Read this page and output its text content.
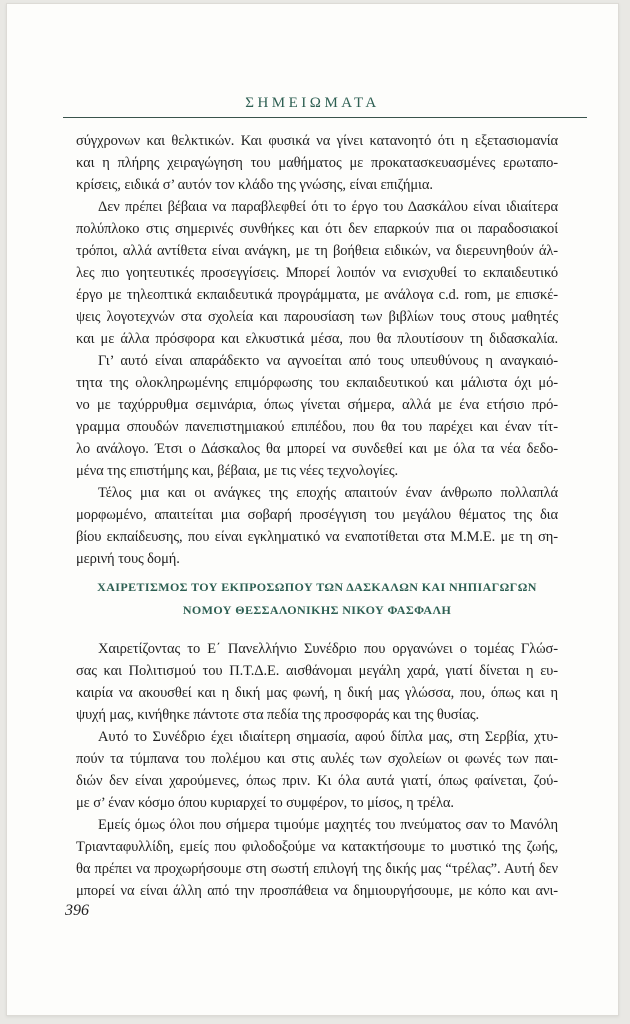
ΣΗΜΕΙΩΜΑΤΑ

σύγχρονων και θελκτικών. Και φυσικά να γίνει κατανοητό ότι η εξετασιομανία
και η πλήρης χειραγώγηση του μαθήματος με προκατασκευασμένες ερωταπο-
κρίσεις, ειδικά σ’ αυτόν τον κλάδο της γνώσης, είναι επιζήμια.

Δεν πρέπει βέβαια να παραβλεφθεί ότι το έργο του Δασκάλου είναι ιδιαίτερα
πολύπλοκο στις σημερινές συνθήκες και ότι δεν επαρκούν πια οι παραδοσιακοί
τρόποι, αλλά αντίθετα είναι ανάγκη, με τη βοήθεια ειδικών, να διερευνηθούν άλ-
λες πιο γοητευτικές προσεγγίσεις. Μπορεί λοιπόν να ενισχυθεί το εκπαιδευτικό
έργο με τηλεοπτικά εκπαιδευτικά προγράμματα, με ανάλογα c.d. rom, με επισκέ-
ψεις λογοτεχνών στα σχολεία και παρουσίαση των βιβλίων τους στους μαθητές
και με άλλα πρόσφορα και ελκυστικά μέσα, που θα πλουτίσουν τη διδασκαλία.

Γι’ αυτό είναι απαράδεκτο να αγνοείται από τους υπευθύνους η αναγκαιό-
τητα της ολοκληρωμένης επιμόρφωσης του εκπαιδευτικού και μάλιστα όχι μό-
νο με ταχύρρυθμα σεμινάρια, όπως γίνεται σήμερα, αλλά με ένα ετήσιο πρό-
γραμμα σπουδών πανεπιστημιακού επιπέδου, που θα του παρέχει και έναν τίτ-
λο ανάλογο. Έτσι ο Δάσκαλος θα μπορεί να συνδεθεί και με όλα τα νέα δεδο-
μένα της επιστήμης και, βέβαια, με τις νέες τεχνολογίες.

Τέλος μια και οι ανάγκες της εποχής απαιτούν έναν άνθρωπο πολλαπλά
μορφωμένο, απαιτείται μια σοβαρή προσέγγιση του μεγάλου θέματος της δια
βίου εκπαίδευσης, που είναι εγκληματικό να εναποτίθεται στα Μ.Μ.Ε. με τη ση-
μερινή τους δομή.

ΧΑΙΡΕΤΙΣΜΟΣ ΤΟΥ ΕΚΠΡΟΣΩΠΟΥ ΤΩΝ ΔΑΣΚΑΛΩΝ ΚΑΙ ΝΗΠΙΑΓΩΓΩΝ
ΝΟΜΟΥ ΘΕΣΣΑΛΟΝΙΚΗΣ ΝΙΚΟΥ ΦΑΣΦΑΛΗ

Χαιρετίζοντας το Ε΄ Πανελλήνιο Συνέδριο που οργανώνει ο τομέας Γλώσ-
σας και Πολιτισμού του Π.Τ.Δ.Ε. αισθάνομαι μεγάλη χαρά, γιατί δίνεται η ευ-
καιρία να ακουσθεί και η δική μας φωνή, η δική μας γλώσσα, που, όπως και η
ψυχή μας, κινήθηκε πάντοτε στα πεδία της προσφοράς και της θυσίας.

Αυτό το Συνέδριο έχει ιδιαίτερη σημασία, αφού δίπλα μας, στη Σερβία, χτυ-
πούν τα τύμπανα του πολέμου και στις αυλές των σχολείων οι φωνές των παι-
διών δεν είναι χαρούμενες, όπως πριν. Κι όλα αυτά γιατί, όπως φαίνεται, ζού-
με σ’ έναν κόσμο όπου κυριαρχεί το συμφέρον, το μίσος, η τρέλα.

Εμείς όμως όλοι που σήμερα τιμούμε μαχητές του πνεύματος σαν το Μανόλη
Τριανταφυλλίδη, εμείς που φιλοδοξούμε να κατακτήσουμε το μυστικό της ζωής,
θα πρέπει να προχωρήσουμε στη σωστή επιλογή της δικής μας “τρέλας”. Αυτή δεν
μπορεί να είναι άλλη από την προσπάθεια να δημιουργήσουμε, με κόπο και ανι-

396
